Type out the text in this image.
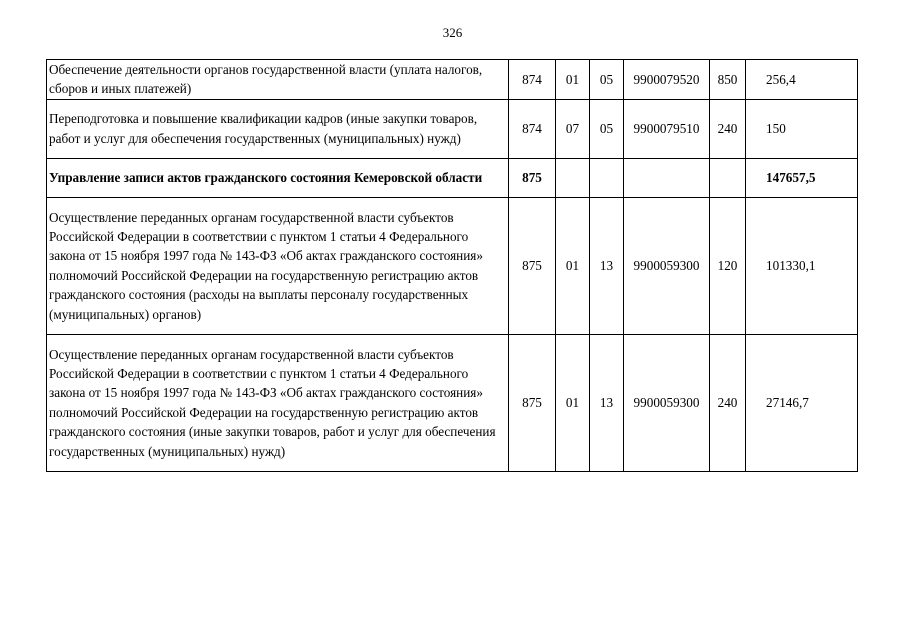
326
Обеспечение деятельности органов государственной власти (уплата налогов, сборов и иных платежей)	874	01	05	9900079520	850	256,4
Переподготовка и повышение квалификации кадров (иные закупки товаров, работ и услуг для обеспечения государственных (муниципальных) нужд)	874	07	05	9900079510	240	150
Управление записи актов гражданского состояния Кемеровской области	875					147657,5
Осуществление переданных органам государственной власти субъектов Российской Федерации в соответствии с пунктом 1 статьи 4 Федерального закона от 15 ноября 1997 года № 143-ФЗ «Об актах гражданского состояния» полномочий Российской Федерации на государственную регистрацию актов гражданского состояния (расходы на выплаты персоналу государственных (муниципальных) органов)	875	01	13	9900059300	120	101330,1
Осуществление переданных органам государственной власти субъектов Российской Федерации в соответствии с пунктом 1 статьи 4 Федерального закона от 15 ноября 1997 года № 143-ФЗ «Об актах гражданского состояния» полномочий Российской Федерации на государственную регистрацию актов гражданского состояния (иные закупки товаров, работ и услуг для обеспечения государственных (муниципальных) нужд)	875	01	13	9900059300	240	27146,7
